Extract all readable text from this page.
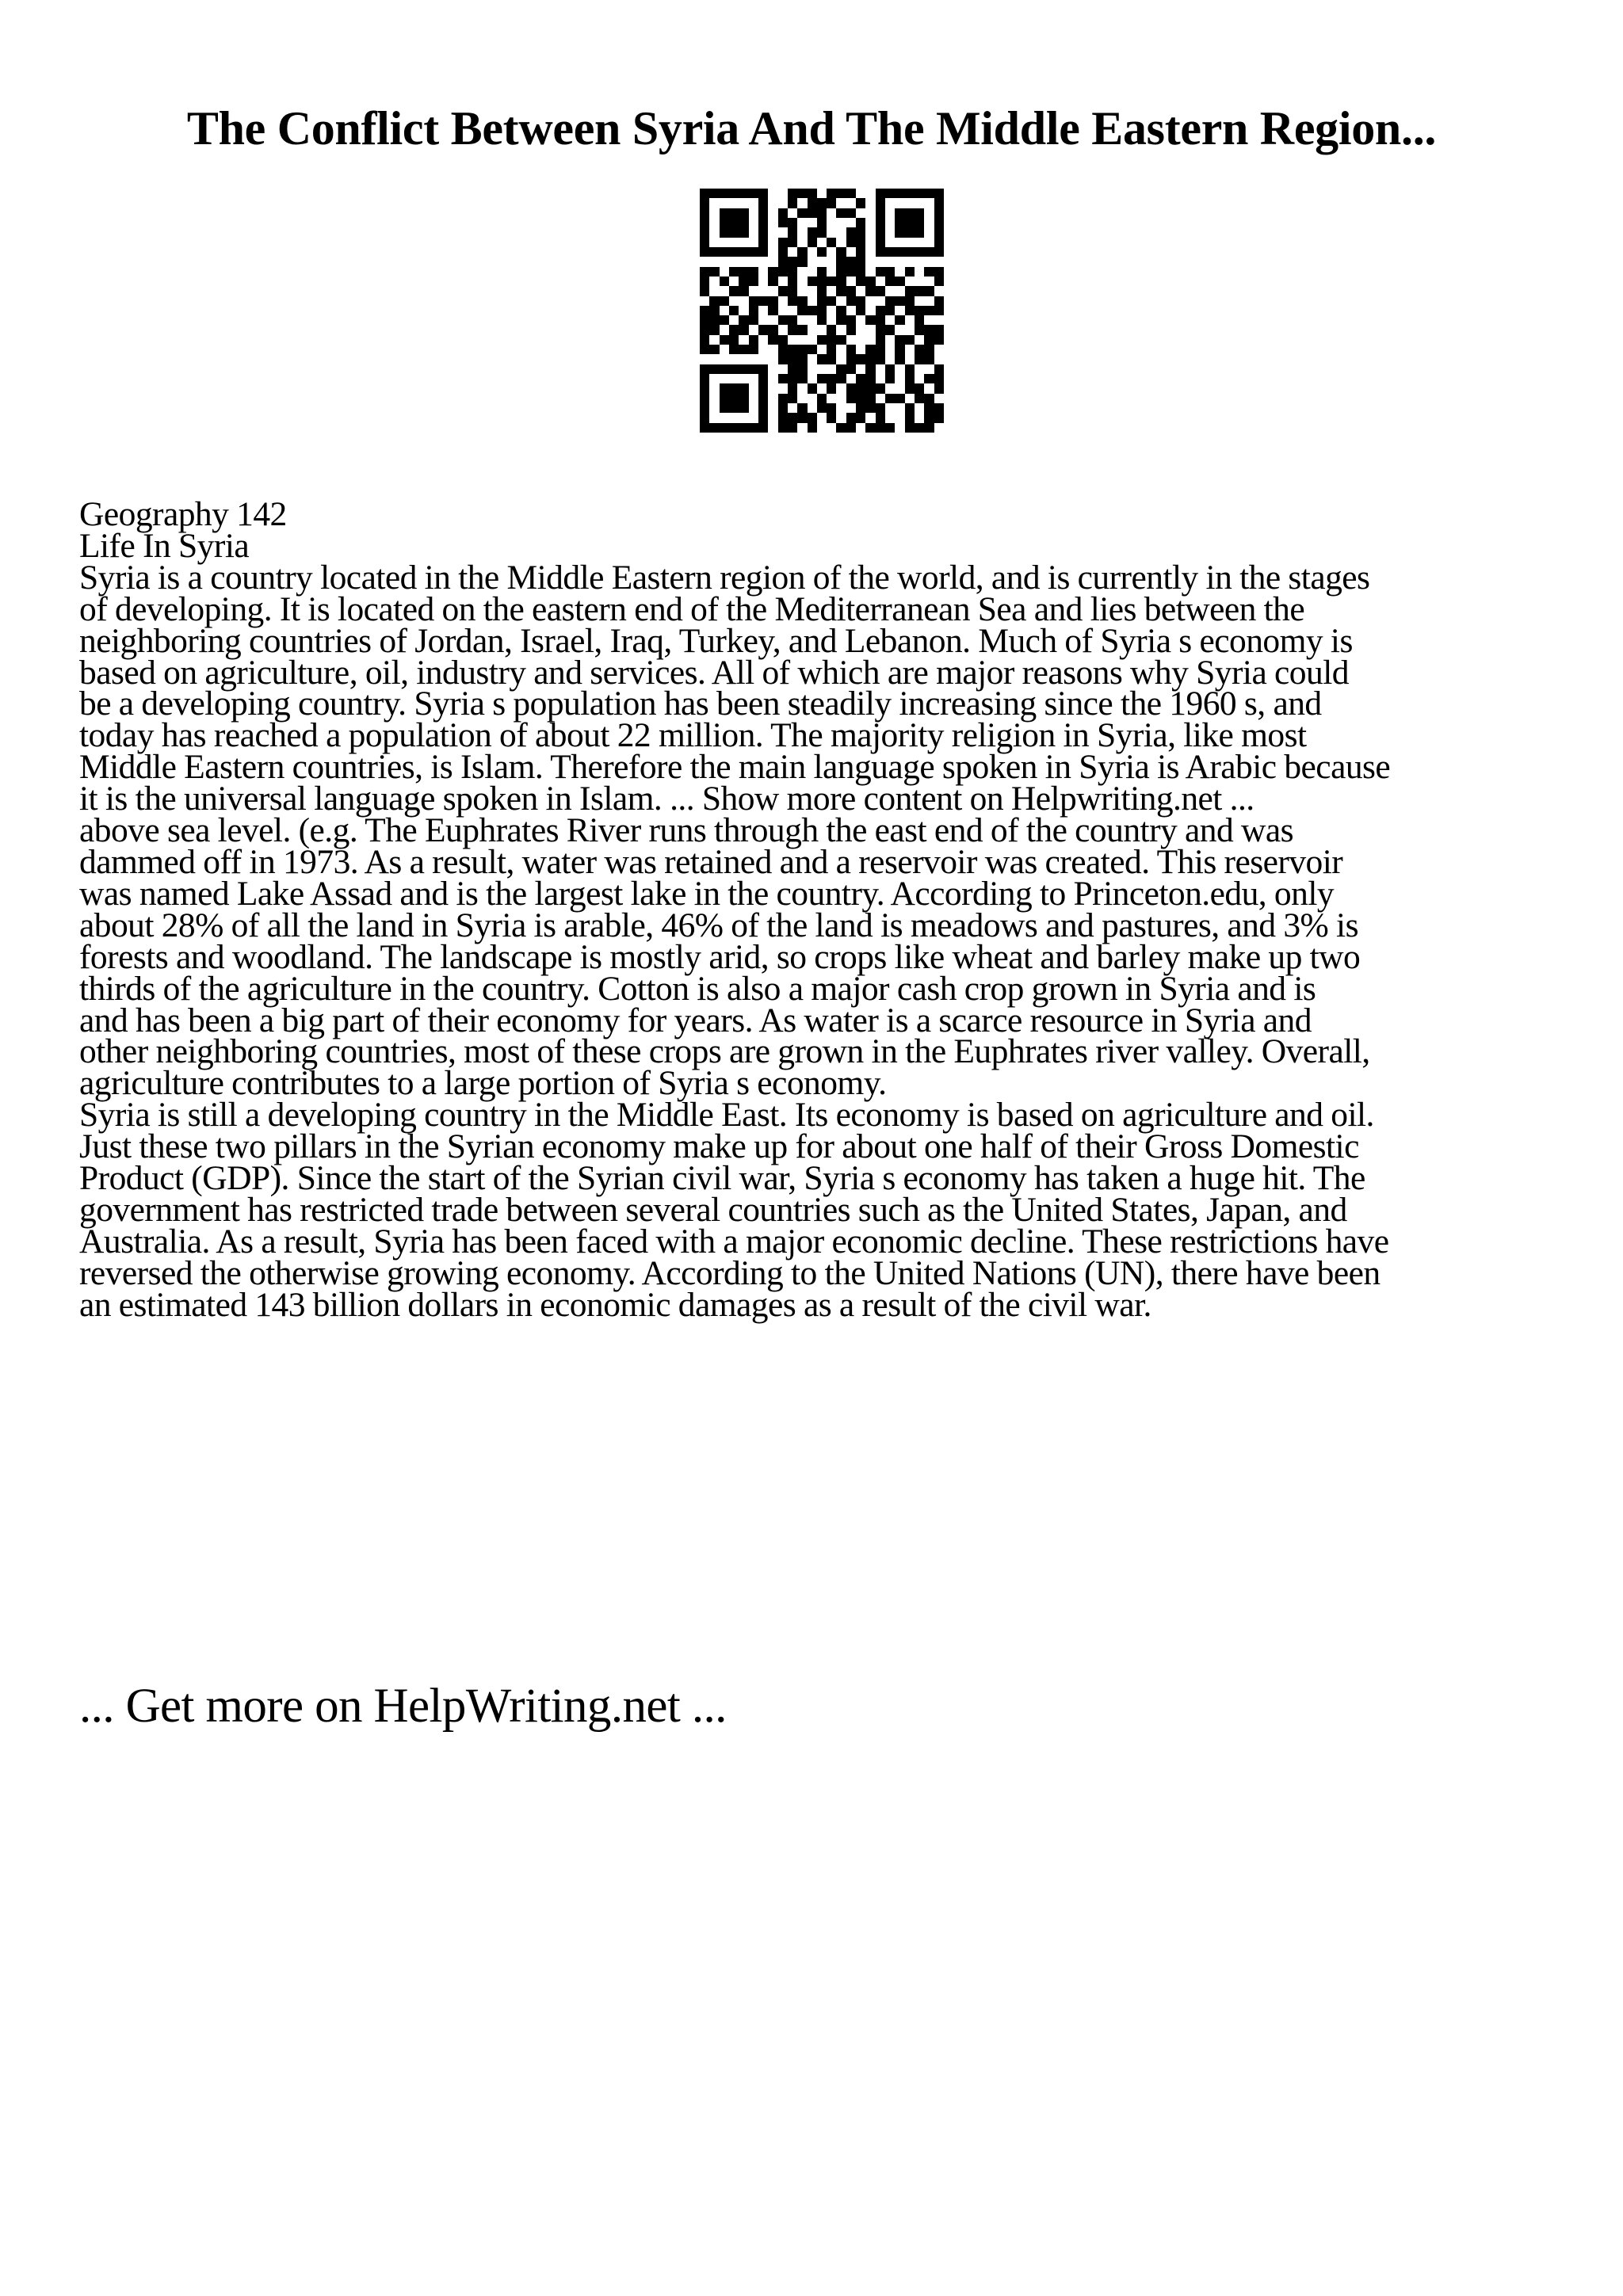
The Conflict Between Syria And The Middle Eastern Region...
Geography 142
Life In Syria
Syria is a country located in the Middle Eastern region of the world, and is currently in the stages
of developing. It is located on the eastern end of the Mediterranean Sea and lies between the
neighboring countries of Jordan, Israel, Iraq, Turkey, and Lebanon. Much of Syria s economy is
based on agriculture, oil, industry and services. All of which are major reasons why Syria could
be a developing country. Syria s population has been steadily increasing since the 1960 s, and
today has reached a population of about 22 million. The majority religion in Syria, like most
Middle Eastern countries, is Islam. Therefore the main language spoken in Syria is Arabic because
it is the universal language spoken in Islam. ... Show more content on Helpwriting.net ...
above sea level. (e.g. The Euphrates River runs through the east end of the country and was
dammed off in 1973. As a result, water was retained and a reservoir was created. This reservoir
was named Lake Assad and is the largest lake in the country. According to Princeton.edu, only
about 28% of all the land in Syria is arable, 46% of the land is meadows and pastures, and 3% is
forests and woodland. The landscape is mostly arid, so crops like wheat and barley make up two
thirds of the agriculture in the country. Cotton is also a major cash crop grown in Syria and is
and has been a big part of their economy for years. As water is a scarce resource in Syria and
other neighboring countries, most of these crops are grown in the Euphrates river valley. Overall,
agriculture contributes to a large portion of Syria s economy.
Syria is still a developing country in the Middle East. Its economy is based on agriculture and oil.
Just these two pillars in the Syrian economy make up for about one half of their Gross Domestic
Product (GDP). Since the start of the Syrian civil war, Syria s economy has taken a huge hit. The
government has restricted trade between several countries such as the United States, Japan, and
Australia. As a result, Syria has been faced with a major economic decline. These restrictions have
reversed the otherwise growing economy. According to the United Nations (UN), there have been
an estimated 143 billion dollars in economic damages as a result of the civil war.
... Get more on HelpWriting.net ...
